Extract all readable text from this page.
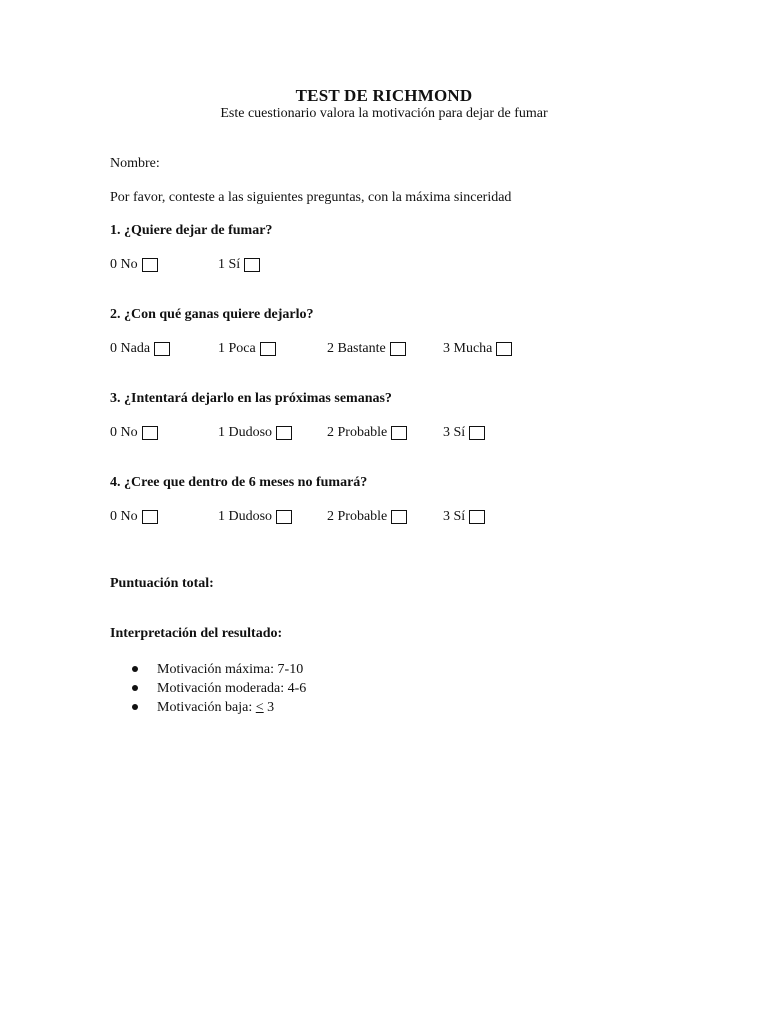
TEST DE RICHMOND
Este cuestionario valora la motivación para dejar de fumar
Nombre:
Por favor, conteste a las siguientes preguntas, con la máxima sinceridad
1. ¿Quiere dejar de fumar?
0 No	1 Sí
2. ¿Con qué ganas quiere dejarlo?
0 Nada	1 Poca	2 Bastante	3 Mucha
3. ¿Intentará dejarlo en las próximas semanas?
0 No	1 Dudoso	2 Probable	3 Sí
4. ¿Cree que dentro de 6 meses no fumará?
0 No	1 Dudoso	2 Probable	3 Sí
Puntuación total:
Interpretación del resultado:
Motivación máxima: 7-10
Motivación moderada: 4-6
Motivación baja: < 3
